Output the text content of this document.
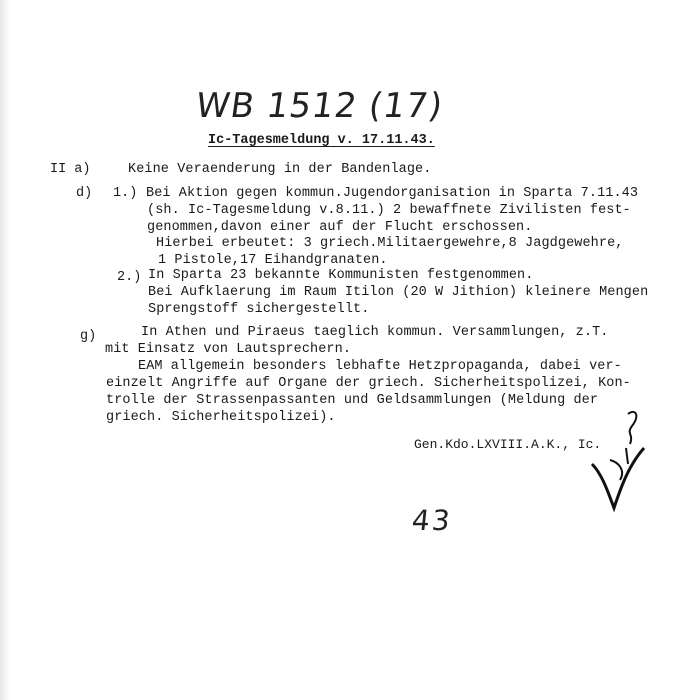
WB 1512 (17)
Ic-Tagesmeldung v. 17.11.43.
II a)	Keine Veraenderung in der Bandenlage.
d) 1.) Bei Aktion gegen kommun.Jugendorganisation in Sparta 7.11.43
(sh. Ic-Tagesmeldung v.8.11.) 2 bewaffnete Zivilisten fest-
genommen,davon einer auf der Flucht erschossen.
Hierbei erbeutet: 3 griech.Militaergewehre,8 Jagdgewehre,
1 Pistole,17 Eihandgranaten.
2.) In Sparta 23 bekannte Kommunisten festgenommen.
Bei Aufklaerung im Raum Itilon (20 W Jithion) kleinere Mengen
Sprengstoff sichergestellt.
g)	In Athen und Piraeus taeglich kommun. Versammlungen, z.T.
mit Einsatz von Lautsprechern.
EAM allgemein besonders lebhafte Hetzpropaganda, dabei ver-
einzelt Angriffe auf Organe der griech. Sicherheitspolizei, Kon-
trolle der Strassenpassanten und Geldsammlungen (Meldung der
griech. Sicherheitspolizei).
Gen.Kdo.LXVIII.A.K., Ic.
43
